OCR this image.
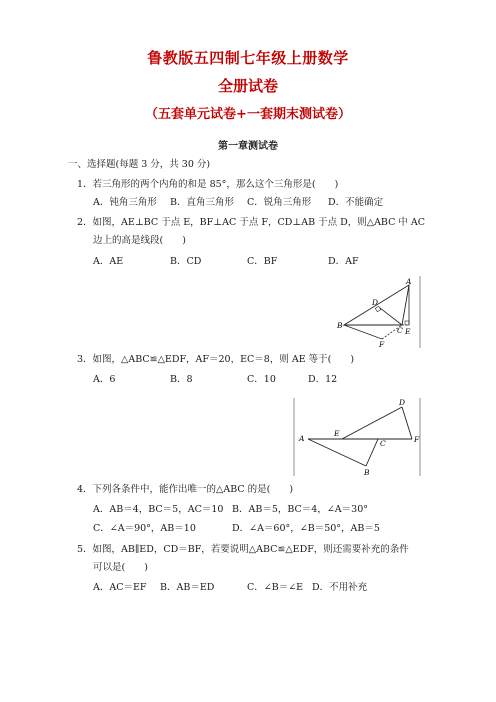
鲁教版五四制七年级上册数学
全册试卷
（五套单元试卷+一套期末测试卷）
第一章测试卷
一、选择题(每题 3 分，共 30 分)
1．若三角形的两个内角的和是 85°，那么这个三角形是(　　)
A．钝角三角形 B．直角三角形 C．锐角三角形 D．不能确定
2．如图，AE⊥BC 于点 E，BF⊥AC 于点 F，CD⊥AB 于点 D，则△ABC 中 AC
边上的高是线段(　　)
A．AE	B．CD	C．BF	D．AF
A
B
C
D
E
F
3．如图，△ABC≌△EDF，AF＝20，EC＝8，则 AE 等于(　　)
A．6	B．8	C．10	D．12
A
B
C
D
E
F
4．下列各条件中，能作出唯一的△ABC 的是(　　)
A．AB＝4，BC＝5，AC＝10 B．AB＝5，BC＝4，∠A＝30°
C．∠A＝90°，AB＝10	D．∠A＝60°，∠B＝50°，AB＝5
5．如图，AB∥ED，CD＝BF，若要说明△ABC≌△EDF，则还需要补充的条件
可以是(　　)
A．AC＝EF B．AB＝ED	C．∠B＝∠E D．不用补充
